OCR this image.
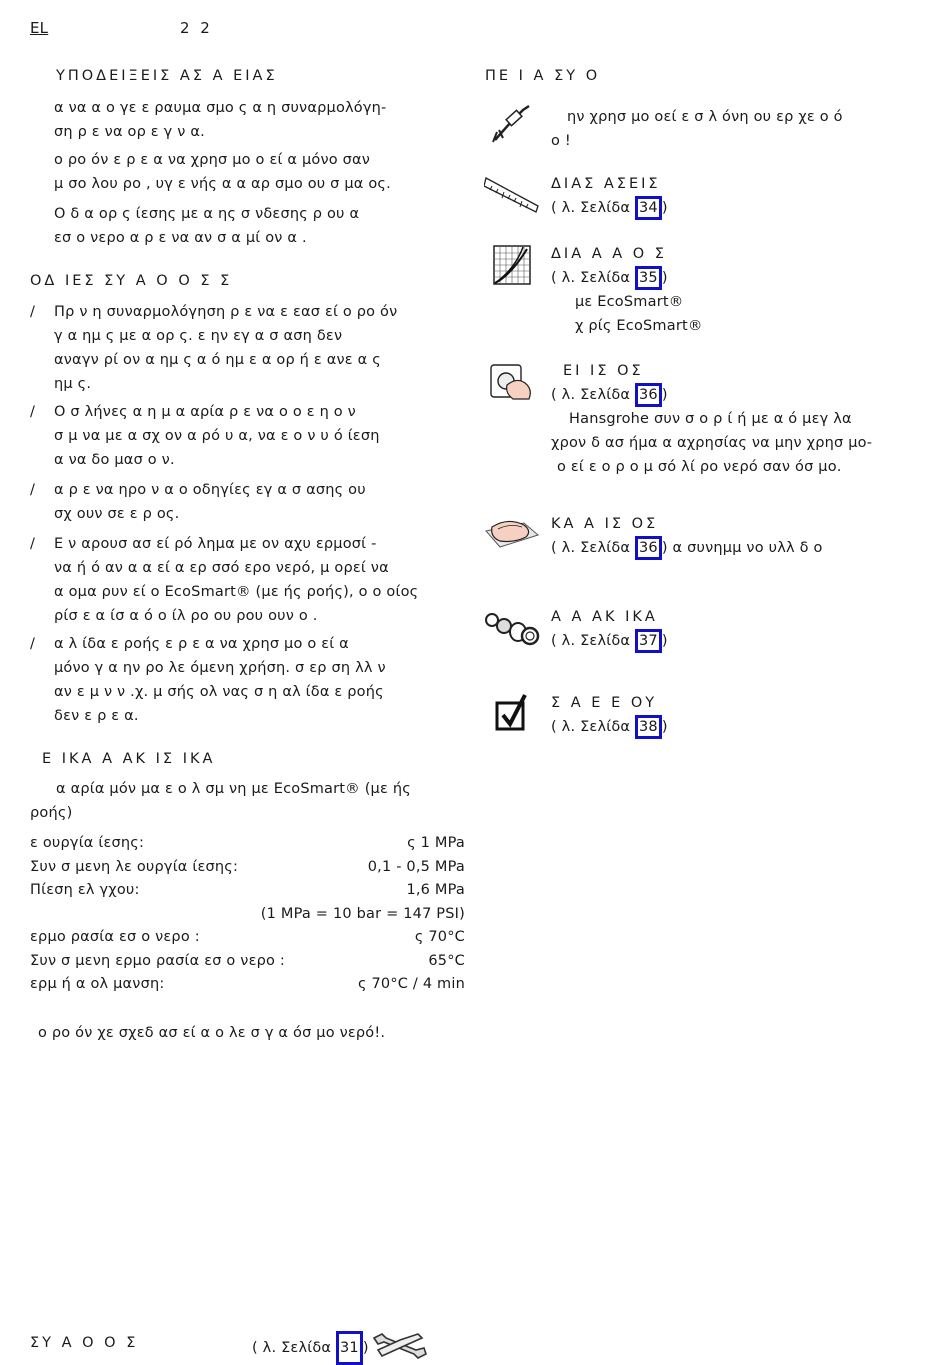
EL	2 2
ΥΠΟΔΕΙΞΕΙΣ ΑΣ Α ΕΙΑΣ
α να α ο γε ε ραυμα σμο ς α η συναρμολόγη-
ση ρ ε να ορ ε γ ν α.
ο ρο όν ε ρ ε α να χρησ μο ο εί α μόνο σαν
μ σο λου ρο , υγ ε νής α α αρ σμο ου σ μα ος.
Ο δ α ορ ς ίεσης με α ης σ νδεσης ρ ου α
εσ ο νερο α ρ ε να αν σ α μί ον α .
ΟΔ ΙΕΣ ΣΥ Α Ο Ο Σ Σ
/ Πρ ν η συναρμολόγηση ρ ε να ε εασ εί ο ρο όν
γ α ημ ς με α ορ ς. ε ην εγ α σ αση δεν
αναγν ρί ον α ημ ς α ό ημ ε α ορ ή ε ανε α ς
ημ ς.
/ Ο σ λήνες α η μ α αρία ρ ε να ο ο ε η ο ν
σ μ να με α σχ ον α ρό υ α, να ε ο ν υ ό ίεση
α να δο μασ ο ν.
/ α ρ ε να ηρο ν α ο οδηγίες εγ α σ ασης ου
σχ ουν σε ε ρ ος.
/ Ε ν αρουσ ασ εί ρό λημα με ον αχυ ερμοσί -
να ή ό αν α α εί α ερ σσό ερο νερό, μ ορεί να
α ομα ρυν εί ο EcoSmart® (με ής ροής), ο ο οίος
ρίσ ε α ίσ α ό ο ίλ ρο ου ρου ουν ο .
/ α λ ίδα ε ροής ε ρ ε α να χρησ μο ο εί α
μόνο γ α ην ρο λε όμενη χρήση. σ ερ ση λλ ν
αν ε μ ν ν .χ. μ σής ολ νας σ η αλ ίδα ε ροής
δεν ε ρ ε α.
Ε ΙΚΑ Α ΑΚ ΙΣ ΙΚΑ
α αρία μόν μα ε ο λ σμ νη με EcoSmart® (με ής
ροής)
ε ουργία ίεσης:	ς 1 MPa
Συν σ μενη λε ουργία ίεσης:	0,1 - 0,5 MPa
Πίεση ελ γχου:	1,6 MPa
(1 MPa = 10 bar = 147 PSI)
ερμο ρασία εσ ο νερο :	ς 70°C
Συν σ μενη ερμο ρασία εσ ο νερο :	65°C
ερμ ή α ολ μανση:	ς 70°C / 4 min
ο ρο όν χε σχεδ ασ εί α ο λε σ γ α όσ μο νερό!.
ΣΥ Α Ο Ο Σ	( λ. Σελίδα 31 )
ΠΕ Ι Α ΣΥ Ο
ην χρησ μο οεί ε σ λ όνη ου ερ χε ο ό
ο !
ΔΙΑΣ ΑΣΕΙΣ
( λ. Σελίδα 34 )
ΔΙΑ Α Α Ο Σ
( λ. Σελίδα 35 )
με EcoSmart®
χ ρίς EcoSmart®
ΕΙ ΙΣ ΟΣ
( λ. Σελίδα 36 )
Hansgrohe συν σ ο ρ ί ή με α ό μεγ λα
χρον δ ασ ήμα α αχρησίας να μην χρησ μο-
ο εί ε ο ρ ο μ σό λί ρο νερό σαν όσ μο.
ΚΑ Α ΙΣ ΟΣ
( λ. Σελίδα 36 ) α συνημμ νο υλλ δ ο
Α Α ΑΚ ΙΚΑ
( λ. Σελίδα 37 )
Σ Α Ε Ε ΟΥ
( λ. Σελίδα 38 )
